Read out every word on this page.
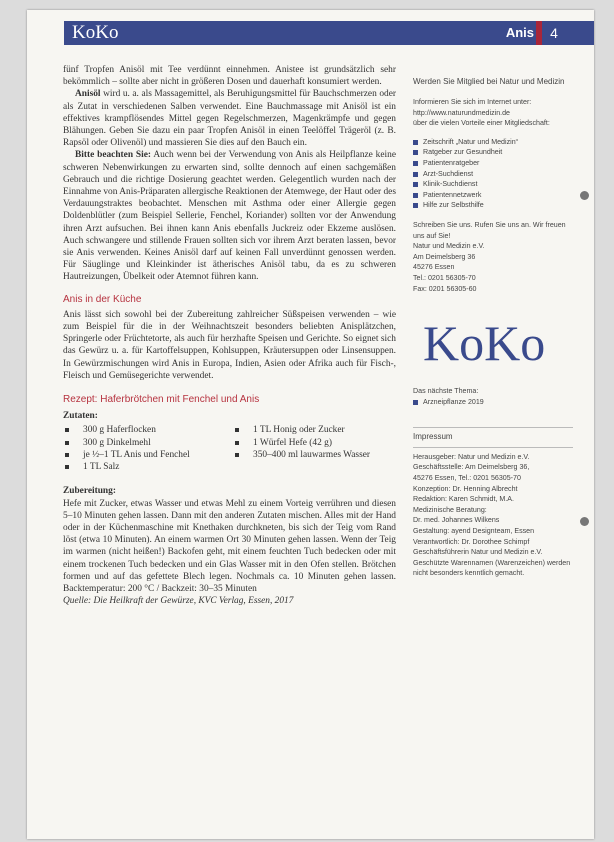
KoKo	Anis	4

fünf Tropfen Anisöl mit Tee verdünnt einnehmen. Anistee ist grundsätzlich sehr bekömmlich – sollte aber nicht in größeren Dosen und dauerhaft konsumiert werden.

Anisöl wird u. a. als Massagemittel, als Beruhigungsmittel für Bauchschmerzen oder als Zutat in verschiedenen Salben verwendet. Eine Bauchmassage mit Anisöl ist ein effektives krampflösendes Mittel gegen Regelschmerzen, Magenkrämpfe und gegen Blähungen. Geben Sie dazu ein paar Tropfen Anisöl in einen Teelöffel Trägeröl (z. B. Rapsöl oder Olivenöl) und massieren Sie dies auf den Bauch ein.

Bitte beachten Sie: Auch wenn bei der Verwendung von Anis als Heilpflanze keine schweren Nebenwirkungen zu erwarten sind, sollte dennoch auf einen sachgemäßen Gebrauch und die richtige Dosierung geachtet werden. Gelegentlich wurden nach der Einnahme von Anis-Präparaten allergische Reaktionen der Atemwege, der Haut oder des Verdauungstraktes beobachtet. Menschen mit Asthma oder einer Allergie gegen Doldenblütler (zum Beispiel Sellerie, Fenchel, Koriander) sollten vor der Anwendung ihren Arzt aufsuchen. Bei ihnen kann Anis ebenfalls Juckreiz oder Ekzeme auslösen. Auch schwangere und stillende Frauen sollten sich vor ihrem Arzt beraten lassen, bevor sie Anis verwenden. Keines Anisöl darf auf keinen Fall unverdünnt genossen werden. Für Säuglinge und Kleinkinder ist ätherisches Anisöl tabu, da es zu schweren Hautreizungen, Übelkeit oder Atemnot führen kann.

Anis in der Küche

Anis lässt sich sowohl bei der Zubereitung zahlreicher Süßspeisen verwenden – wie zum Beispiel für die in der Weihnachtszeit besonders beliebten Anisplätzchen, Springerle oder Früchtetorte, als auch für herzhafte Speisen und Gerichte. So eignet sich das Gewürz u. a. für Kartoffelsuppen, Kohlsuppen, Kräutersuppen oder Linsensuppen. In Gewürzmischungen wird Anis in Europa, Indien, Asien oder Afrika auch für Fisch-, Fleisch und Gemüsegerichte verwendet.

Rezept: Haferbrötchen mit Fenchel und Anis
Zutaten:
300 g Haferflocken	1 TL Honig oder Zucker
300 g Dinkelmehl	1 Würfel Hefe (42 g)
je ½–1 TL Anis und Fenchel	350–400 ml lauwarmes Wasser
1 TL Salz
Zubereitung:

Hefe mit Zucker, etwas Wasser und etwas Mehl zu einem Vorteig verrühren und diesen 5–10 Minuten gehen lassen. Dann mit den anderen Zutaten mischen. Alles mit der Hand oder in der Küchenmaschine mit Knethaken durchkneten, bis sich der Teig vom Rand löst (etwa 10 Minuten). An einem warmen Ort 30 Minuten gehen lassen. Wenn der Teig im warmen (nicht heißen!) Backofen geht, mit einem feuchten Tuch bedecken oder mit einem trockenen Tuch bedecken und ein Glas Wasser mit in den Ofen stellen. Brötchen formen und auf das gefettete Blech legen. Nochmals ca. 10 Minuten gehen lassen. Backtemperatur: 200 °C / Backzeit: 30–35 Minuten

Quelle: Die Heilkraft der Gewürze, KVC Verlag, Essen, 2017

Werden Sie Mitglied bei Natur und Medizin

Informieren Sie sich im Internet unter:

http://www.naturundmedizin.de

über die vielen Vorteile einer Mitgliedschaft:

Zeitschrift „Natur und Medizin“

Ratgeber zur Gesundheit

Patientenratgeber

Arzt-Suchdienst

Klinik-Suchdienst

Patientennetzwerk

Hilfe zur Selbsthilfe

Schreiben Sie uns. Rufen Sie uns an. Wir freuen uns auf Sie!

Natur und Medizin e.V.

Am Deimelsberg 36

45276 Essen

Tel.: 0201 56305-70

Fax: 0201 56305-60

KoKo

Das nächste Thema:

Arzneipflanze 2019

Impressum

Herausgeber: Natur und Medizin e.V.

Geschäftsstelle: Am Deimelsberg 36,

45276 Essen, Tel.: 0201 56305-70

Konzeption: Dr. Henning Albrecht

Redaktion: Karen Schmidt, M.A.

Medizinische Beratung:

Dr. med. Johannes Wilkens

Gestaltung: ayend Designteam, Essen

Verantwortlich: Dr. Dorothee Schimpf

Geschäftsführerin Natur und Medizin e.V.

Geschützte Warennamen (Warenzeichen) werden nicht besonders kenntlich gemacht.
